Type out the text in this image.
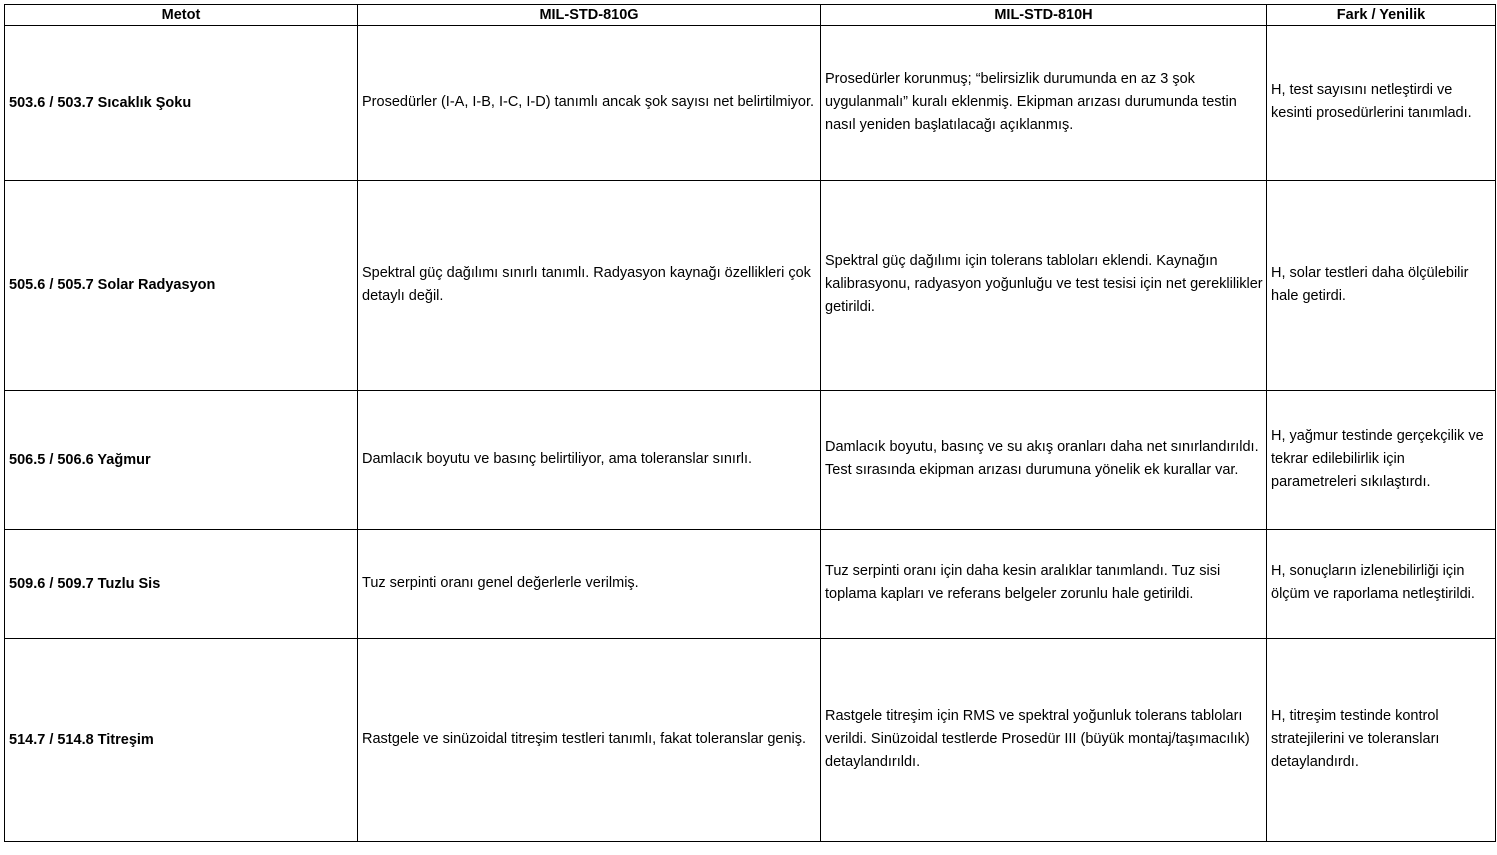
Metot	MIL-STD-810G	MIL-STD-810H	Fark / Yenilik
503.6 / 503.7 Sıcaklık Şoku	Prosedürler (I-A, I-B, I-C, I-D) tanımlı ancak şok sayısı net belirtilmiyor.	Prosedürler korunmuş; “belirsizlik durumunda en az 3 şok uygulanmalı” kuralı eklenmiş. Ekipman arızası durumunda testin nasıl yeniden başlatılacağı açıklanmış.	H, test sayısını netleştirdi ve kesinti prosedürlerini tanımladı.

505.6 / 505.7 Solar Radyasyon	Spektral güç dağılımı sınırlı tanımlı. Radyasyon kaynağı özellikleri çok detaylı değil.	Spektral güç dağılımı için tolerans tabloları eklendi. Kaynağın kalibrasyonu, radyasyon yoğunluğu ve test tesisi için net gereklilikler getirildi.	H, solar testleri daha ölçülebilir hale getirdi.

506.5 / 506.6 Yağmur	Damlacık boyutu ve basınç belirtiliyor, ama toleranslar sınırlı.	Damlacık boyutu, basınç ve su akış oranları daha net sınırlandırıldı. Test sırasında ekipman arızası durumuna yönelik ek kurallar var.	H, yağmur testinde gerçekçilik ve tekrar edilebilirlik için parametreleri sıkılaştırdı.

509.6 / 509.7 Tuzlu Sis	Tuz serpinti oranı genel değerlerle verilmiş.	Tuz serpinti oranı için daha kesin aralıklar tanımlandı. Tuz sisi toplama kapları ve referans belgeler zorunlu hale getirildi.	H, sonuçların izlenebilirliği için ölçüm ve raporlama netleştirildi.

514.7 / 514.8 Titreşim	Rastgele ve sinüzoidal titreşim testleri tanımlı, fakat toleranslar geniş.	Rastgele titreşim için RMS ve spektral yoğunluk tolerans tabloları verildi. Sinüzoidal testlerde Prosedür III (büyük montaj/taşımacılık) detaylandırıldı.	H, titreşim testinde kontrol stratejilerini ve toleransları detaylandırdı.
